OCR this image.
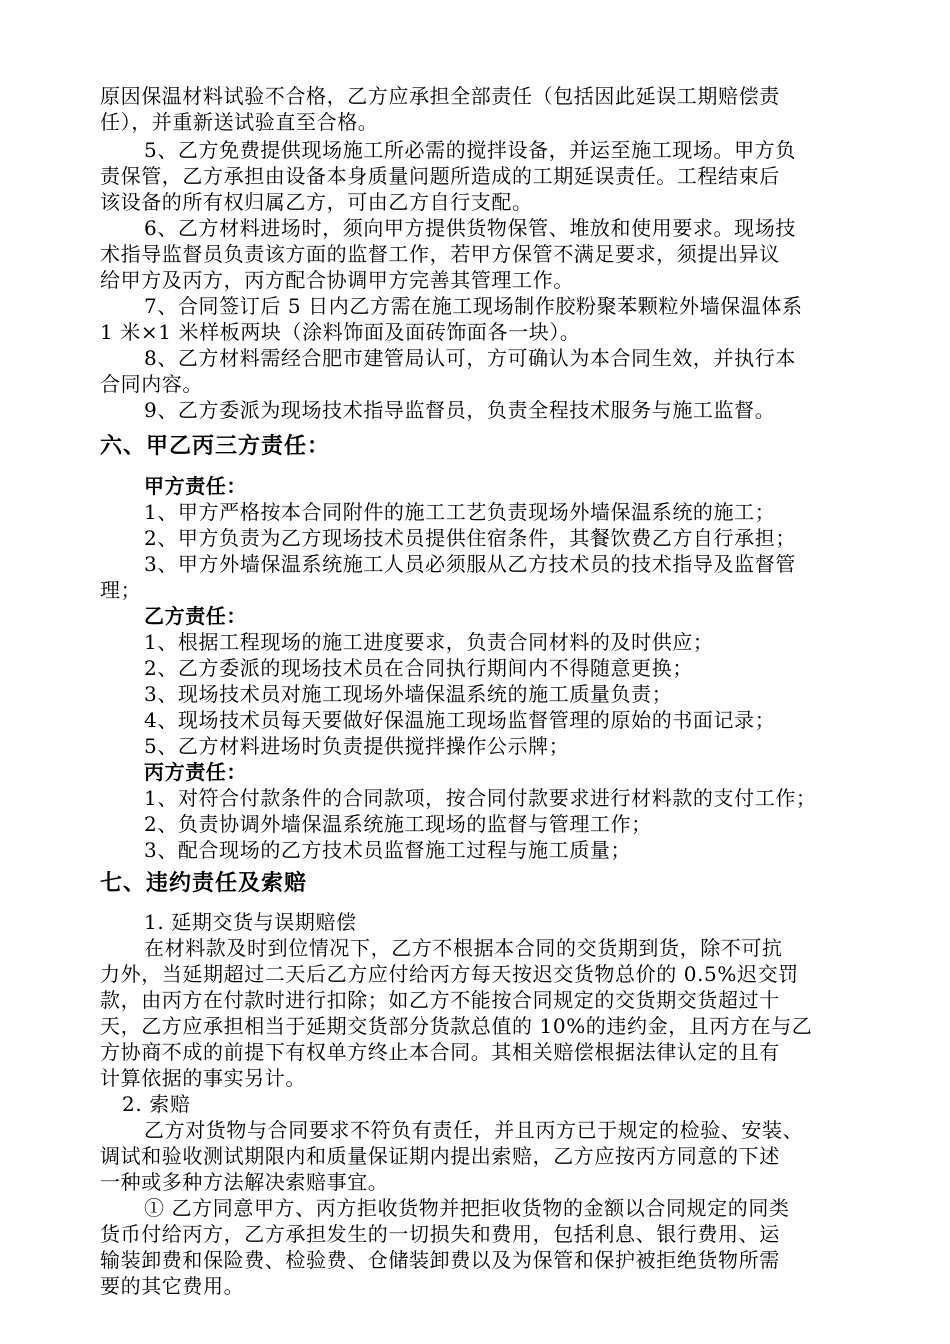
原因保温材料试验不合格，乙方应承担全部责任（包括因此延误工期赔偿责
任），并重新送试验直至合格。
5、乙方免费提供现场施工所必需的搅拌设备，并运至施工现场。甲方负
责保管，乙方承担由设备本身质量问题所造成的工期延误责任。工程结束后
该设备的所有权归属乙方，可由乙方自行支配。
6、乙方材料进场时，须向甲方提供货物保管、堆放和使用要求。现场技
术指导监督员负责该方面的监督工作，若甲方保管不满足要求，须提出异议
给甲方及丙方，丙方配合协调甲方完善其管理工作。
7、合同签订后 5 日内乙方需在施工现场制作胶粉聚苯颗粒外墙保温体系
1 米×1 米样板两块（涂料饰面及面砖饰面各一块）。
8、乙方材料需经合肥市建管局认可，方可确认为本合同生效，并执行本
合同内容。
9、乙方委派为现场技术指导监督员，负责全程技术服务与施工监督。
六、甲乙丙三方责任：
甲方责任：
1、甲方严格按本合同附件的施工工艺负责现场外墙保温系统的施工；
2、甲方负责为乙方现场技术员提供住宿条件，其餐饮费乙方自行承担；
3、甲方外墙保温系统施工人员必须服从乙方技术员的技术指导及监督管
理；
乙方责任：
1、根据工程现场的施工进度要求，负责合同材料的及时供应；
2、乙方委派的现场技术员在合同执行期间内不得随意更换；
3、现场技术员对施工现场外墙保温系统的施工质量负责；
4、现场技术员每天要做好保温施工现场监督管理的原始的书面记录；
5、乙方材料进场时负责提供搅拌操作公示牌；
丙方责任：
1、对符合付款条件的合同款项，按合同付款要求进行材料款的支付工作；
2、负责协调外墙保温系统施工现场的监督与管理工作；
3、配合现场的乙方技术员监督施工过程与施工质量；
七、违约责任及索赔
1. 延期交货与误期赔偿
在材料款及时到位情况下，乙方不根据本合同的交货期到货，除不可抗
力外，当延期超过二天后乙方应付给丙方每天按迟交货物总价的 0.5%迟交罚
款，由丙方在付款时进行扣除；如乙方不能按合同规定的交货期交货超过十
天，乙方应承担相当于延期交货部分货款总值的 10%的违约金，且丙方在与乙
方协商不成的前提下有权单方终止本合同。其相关赔偿根据法律认定的且有
计算依据的事实另计。
2. 索赔
乙方对货物与合同要求不符负有责任，并且丙方已于规定的检验、安装、
调试和验收测试期限内和质量保证期内提出索赔，乙方应按丙方同意的下述
一种或多种方法解决索赔事宜。
① 乙方同意甲方、丙方拒收货物并把拒收货物的金额以合同规定的同类
货币付给丙方，乙方承担发生的一切损失和费用，包括利息、银行费用、运
输装卸费和保险费、检验费、仓储装卸费以及为保管和保护被拒绝货物所需
要的其它费用。
